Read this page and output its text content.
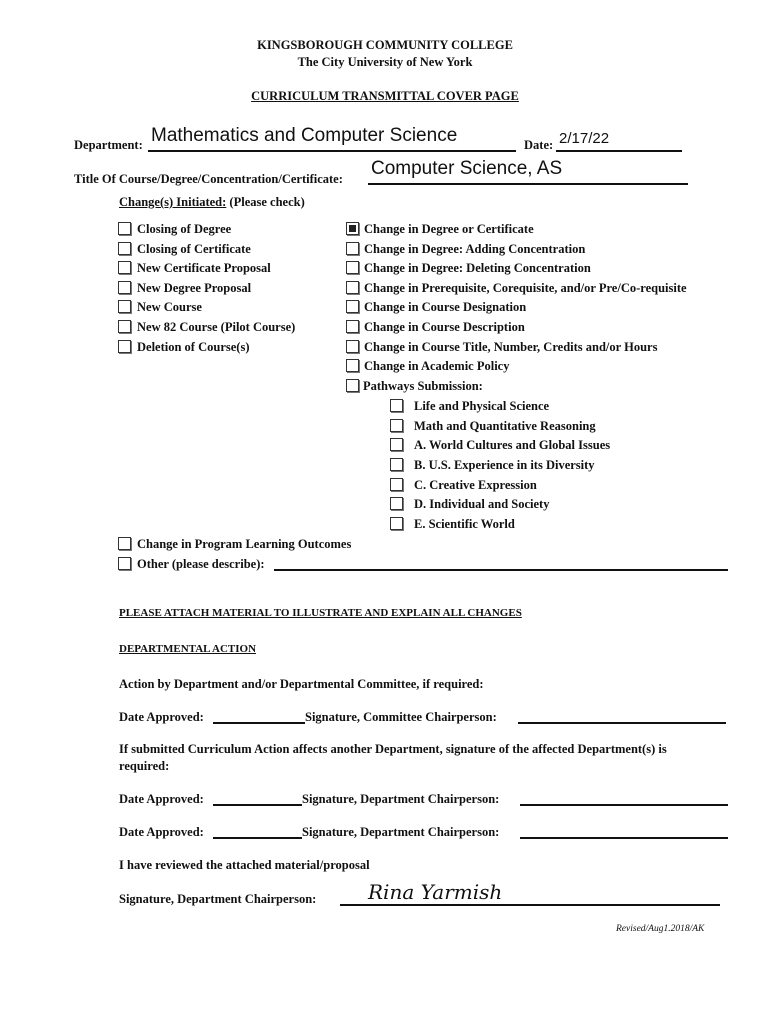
KINGSBOROUGH COMMUNITY COLLEGE
The City University of New York
CURRICULUM TRANSMITTAL COVER PAGE
Department: Mathematics and Computer Science	Date: 2/17/22
Title Of Course/Degree/Concentration/Certificate: Computer Science, AS
Change(s) Initiated: (Please check)
Closing of Degree
Closing of Certificate
New Certificate Proposal
New Degree Proposal
New Course
New 82 Course (Pilot Course)
Deletion of Course(s)
Change in Degree or Certificate
Change in Degree: Adding Concentration
Change in Degree: Deleting Concentration
Change in Prerequisite, Corequisite, and/or Pre/Co-requisite
Change in Course Designation
Change in Course Description
Change in Course Title, Number, Credits and/or Hours
Change in Academic Policy
Pathways Submission:
Life and Physical Science
Math and Quantitative Reasoning
A. World Cultures and Global Issues
B. U.S. Experience in its Diversity
C. Creative Expression
D. Individual and Society
E. Scientific World
Change in Program Learning Outcomes
Other (please describe):
PLEASE ATTACH MATERIAL TO ILLUSTRATE AND EXPLAIN ALL CHANGES
DEPARTMENTAL ACTION
Action by Department and/or Departmental Committee, if required:
Date Approved:	Signature, Committee Chairperson:
If submitted Curriculum Action affects another Department, signature of the affected Department(s) is
required:
Date Approved:	Signature, Department Chairperson:
Date Approved:	Signature, Department Chairperson:
I have reviewed the attached material/proposal
Signature, Department Chairperson:	Rina Yarmish
Revised/Aug1.2018/AK
